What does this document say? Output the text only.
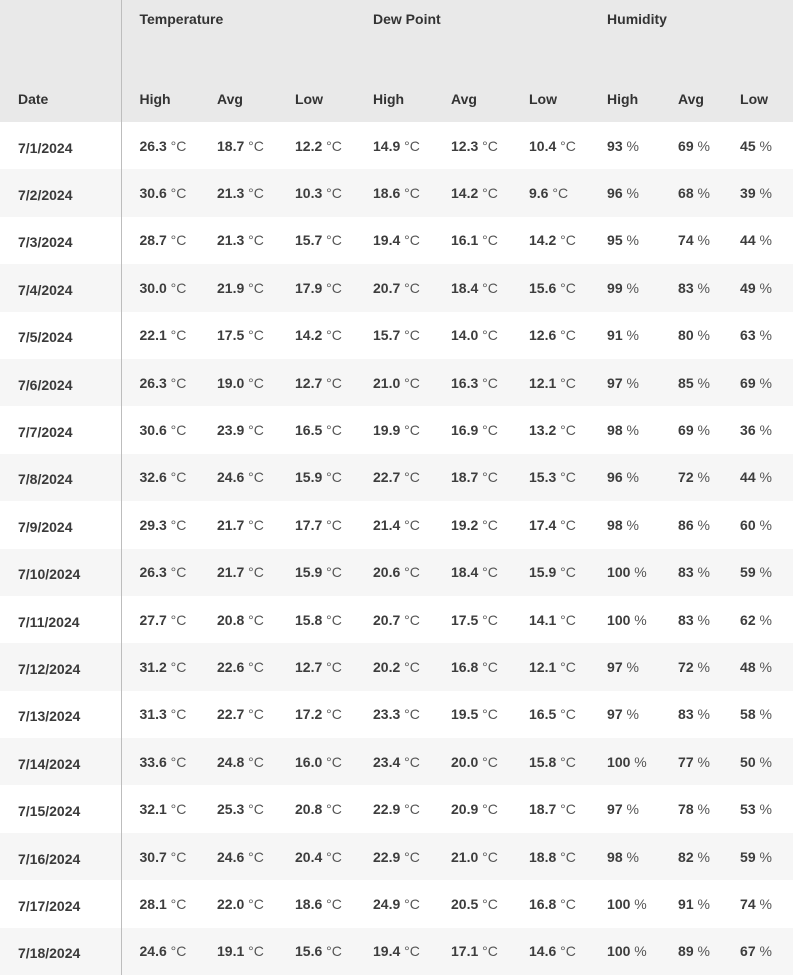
Date	Temperature			Dew Point			Humidity		
	High	Avg	Low	High	Avg	Low	High	Avg	Low
7/1/2024	26.3 °C	18.7 °C	12.2 °C	14.9 °C	12.3 °C	10.4 °C	93 %	69 %	45 %
7/2/2024	30.6 °C	21.3 °C	10.3 °C	18.6 °C	14.2 °C	9.6 °C	96 %	68 %	39 %
7/3/2024	28.7 °C	21.3 °C	15.7 °C	19.4 °C	16.1 °C	14.2 °C	95 %	74 %	44 %
7/4/2024	30.0 °C	21.9 °C	17.9 °C	20.7 °C	18.4 °C	15.6 °C	99 %	83 %	49 %
7/5/2024	22.1 °C	17.5 °C	14.2 °C	15.7 °C	14.0 °C	12.6 °C	91 %	80 %	63 %
7/6/2024	26.3 °C	19.0 °C	12.7 °C	21.0 °C	16.3 °C	12.1 °C	97 %	85 %	69 %
7/7/2024	30.6 °C	23.9 °C	16.5 °C	19.9 °C	16.9 °C	13.2 °C	98 %	69 %	36 %
7/8/2024	32.6 °C	24.6 °C	15.9 °C	22.7 °C	18.7 °C	15.3 °C	96 %	72 %	44 %
7/9/2024	29.3 °C	21.7 °C	17.7 °C	21.4 °C	19.2 °C	17.4 °C	98 %	86 %	60 %
7/10/2024	26.3 °C	21.7 °C	15.9 °C	20.6 °C	18.4 °C	15.9 °C	100 %	83 %	59 %
7/11/2024	27.7 °C	20.8 °C	15.8 °C	20.7 °C	17.5 °C	14.1 °C	100 %	83 %	62 %
7/12/2024	31.2 °C	22.6 °C	12.7 °C	20.2 °C	16.8 °C	12.1 °C	97 %	72 %	48 %
7/13/2024	31.3 °C	22.7 °C	17.2 °C	23.3 °C	19.5 °C	16.5 °C	97 %	83 %	58 %
7/14/2024	33.6 °C	24.8 °C	16.0 °C	23.4 °C	20.0 °C	15.8 °C	100 %	77 %	50 %
7/15/2024	32.1 °C	25.3 °C	20.8 °C	22.9 °C	20.9 °C	18.7 °C	97 %	78 %	53 %
7/16/2024	30.7 °C	24.6 °C	20.4 °C	22.9 °C	21.0 °C	18.8 °C	98 %	82 %	59 %
7/17/2024	28.1 °C	22.0 °C	18.6 °C	24.9 °C	20.5 °C	16.8 °C	100 %	91 %	74 %
7/18/2024	24.6 °C	19.1 °C	15.6 °C	19.4 °C	17.1 °C	14.6 °C	100 %	89 %	67 %
